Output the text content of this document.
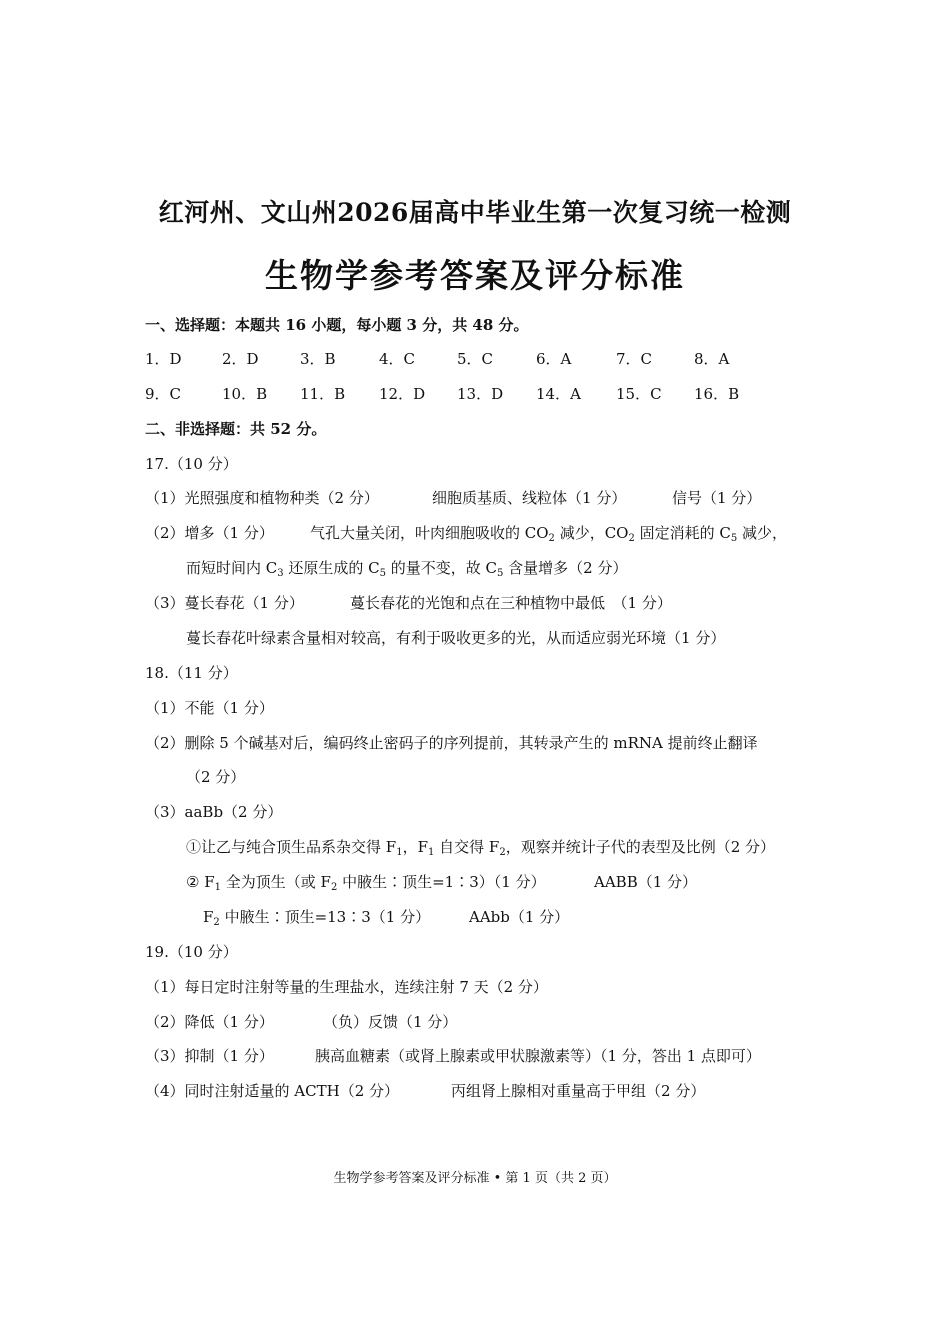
红河州、文山州2026届高中毕业生第一次复习统一检测
生物学参考答案及评分标准
一、选择题：本题共 16 小题，每小题 3 分，共 48 分。
1．D	2．D	3．B	4．C	5．C	6．A	7．C	8．A
9．C	10．B 11．B 12．D 13．D 14．A 15．C 16．B
二、非选择题：共 52 分。
17.（10 分）
（1）光照强度和植物种类（2 分）	细胞质基质、线粒体（1 分）	信号（1 分）
（2）增多（1 分） 气孔大量关闭，叶肉细胞吸收的 $CO_2$ 减少，$CO_2$ 固定消耗的 $C_5$ 减少，
而短时间内 $C_3$ 还原生成的 $C_5$ 的量不变，故 $C_5$ 含量增多（2 分）
（3）蔓长春花（1 分）	蔓长春花的光饱和点在三种植物中最低　（1 分）
蔓长春花叶绿素含量相对较高，有利于吸收更多的光，从而适应弱光环境（1 分）
18.（11 分）
（1）不能（1 分）
（2）删除 5 个碱基对后，编码终止密码子的序列提前，其转录产生的 mRNA 提前终止翻译
（2 分）
（3）aaBb（2 分）
①让乙与纯合顶生品系杂交得 $F_1$，$F_1$ 自交得 $F_2$，观察并统计子代的表型及比例（2 分）
② $F_1$ 全为顶生（或 $F_2$ 中腋生∶顶生=1∶3）（1 分）	AABB（1 分）
$F_2$ 中腋生∶顶生=13∶3（1 分）	AAbb（1 分）
19.（10 分）
（1）每日定时注射等量的生理盐水，连续注射 7 天（2 分）
（2）降低（1 分）	（负）反馈（1 分）
（3）抑制（1 分）	胰高血糖素（或肾上腺素或甲状腺激素等）（1 分，答出 1 点即可）
（4）同时注射适量的 ACTH（2 分）	丙组肾上腺相对重量高于甲组（2 分）
生物学参考答案及评分标准 • 第 1 页（共 2 页）
